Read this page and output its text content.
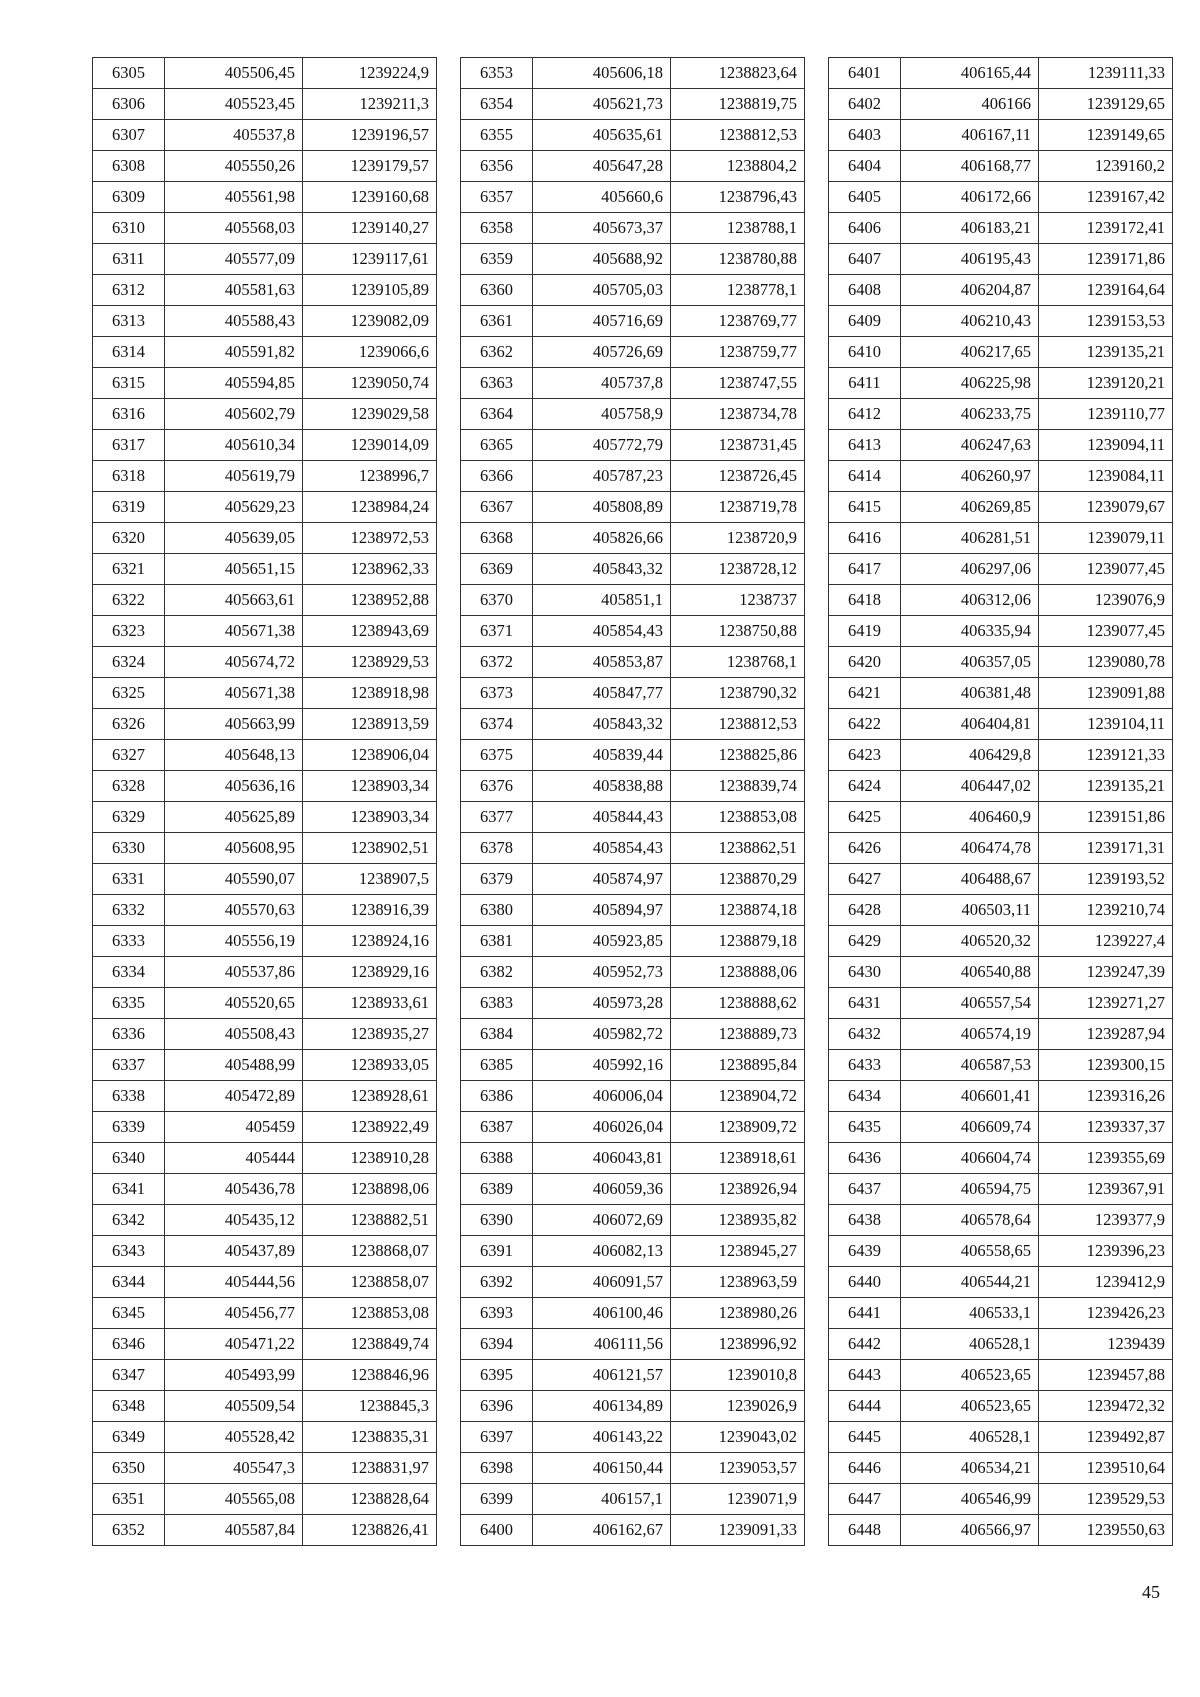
6305	405506,45	1239224,9
6306	405523,45	1239211,3
6307	405537,8	1239196,57
6308	405550,26	1239179,57
6309	405561,98	1239160,68
6310	405568,03	1239140,27
6311	405577,09	1239117,61
6312	405581,63	1239105,89
6313	405588,43	1239082,09
6314	405591,82	1239066,6
6315	405594,85	1239050,74
6316	405602,79	1239029,58
6317	405610,34	1239014,09
6318	405619,79	1238996,7
6319	405629,23	1238984,24
6320	405639,05	1238972,53
6321	405651,15	1238962,33
6322	405663,61	1238952,88
6323	405671,38	1238943,69
6324	405674,72	1238929,53
6325	405671,38	1238918,98
6326	405663,99	1238913,59
6327	405648,13	1238906,04
6328	405636,16	1238903,34
6329	405625,89	1238903,34
6330	405608,95	1238902,51
6331	405590,07	1238907,5
6332	405570,63	1238916,39
6333	405556,19	1238924,16
6334	405537,86	1238929,16
6335	405520,65	1238933,61
6336	405508,43	1238935,27
6337	405488,99	1238933,05
6338	405472,89	1238928,61
6339	405459	1238922,49
6340	405444	1238910,28
6341	405436,78	1238898,06
6342	405435,12	1238882,51
6343	405437,89	1238868,07
6344	405444,56	1238858,07
6345	405456,77	1238853,08
6346	405471,22	1238849,74
6347	405493,99	1238846,96
6348	405509,54	1238845,3
6349	405528,42	1238835,31
6350	405547,3	1238831,97
6351	405565,08	1238828,64
6352	405587,84	1238826,41
6353	405606,18	1238823,64
6354	405621,73	1238819,75
6355	405635,61	1238812,53
6356	405647,28	1238804,2
6357	405660,6	1238796,43
6358	405673,37	1238788,1
6359	405688,92	1238780,88
6360	405705,03	1238778,1
6361	405716,69	1238769,77
6362	405726,69	1238759,77
6363	405737,8	1238747,55
6364	405758,9	1238734,78
6365	405772,79	1238731,45
6366	405787,23	1238726,45
6367	405808,89	1238719,78
6368	405826,66	1238720,9
6369	405843,32	1238728,12
6370	405851,1	1238737
6371	405854,43	1238750,88
6372	405853,87	1238768,1
6373	405847,77	1238790,32
6374	405843,32	1238812,53
6375	405839,44	1238825,86
6376	405838,88	1238839,74
6377	405844,43	1238853,08
6378	405854,43	1238862,51
6379	405874,97	1238870,29
6380	405894,97	1238874,18
6381	405923,85	1238879,18
6382	405952,73	1238888,06
6383	405973,28	1238888,62
6384	405982,72	1238889,73
6385	405992,16	1238895,84
6386	406006,04	1238904,72
6387	406026,04	1238909,72
6388	406043,81	1238918,61
6389	406059,36	1238926,94
6390	406072,69	1238935,82
6391	406082,13	1238945,27
6392	406091,57	1238963,59
6393	406100,46	1238980,26
6394	406111,56	1238996,92
6395	406121,57	1239010,8
6396	406134,89	1239026,9
6397	406143,22	1239043,02
6398	406150,44	1239053,57
6399	406157,1	1239071,9
6400	406162,67	1239091,33
6401	406165,44	1239111,33
6402	406166	1239129,65
6403	406167,11	1239149,65
6404	406168,77	1239160,2
6405	406172,66	1239167,42
6406	406183,21	1239172,41
6407	406195,43	1239171,86
6408	406204,87	1239164,64
6409	406210,43	1239153,53
6410	406217,65	1239135,21
6411	406225,98	1239120,21
6412	406233,75	1239110,77
6413	406247,63	1239094,11
6414	406260,97	1239084,11
6415	406269,85	1239079,67
6416	406281,51	1239079,11
6417	406297,06	1239077,45
6418	406312,06	1239076,9
6419	406335,94	1239077,45
6420	406357,05	1239080,78
6421	406381,48	1239091,88
6422	406404,81	1239104,11
6423	406429,8	1239121,33
6424	406447,02	1239135,21
6425	406460,9	1239151,86
6426	406474,78	1239171,31
6427	406488,67	1239193,52
6428	406503,11	1239210,74
6429	406520,32	1239227,4
6430	406540,88	1239247,39
6431	406557,54	1239271,27
6432	406574,19	1239287,94
6433	406587,53	1239300,15
6434	406601,41	1239316,26
6435	406609,74	1239337,37
6436	406604,74	1239355,69
6437	406594,75	1239367,91
6438	406578,64	1239377,9
6439	406558,65	1239396,23
6440	406544,21	1239412,9
6441	406533,1	1239426,23
6442	406528,1	1239439
6443	406523,65	1239457,88
6444	406523,65	1239472,32
6445	406528,1	1239492,87
6446	406534,21	1239510,64
6447	406546,99	1239529,53
6448	406566,97	1239550,63
45
